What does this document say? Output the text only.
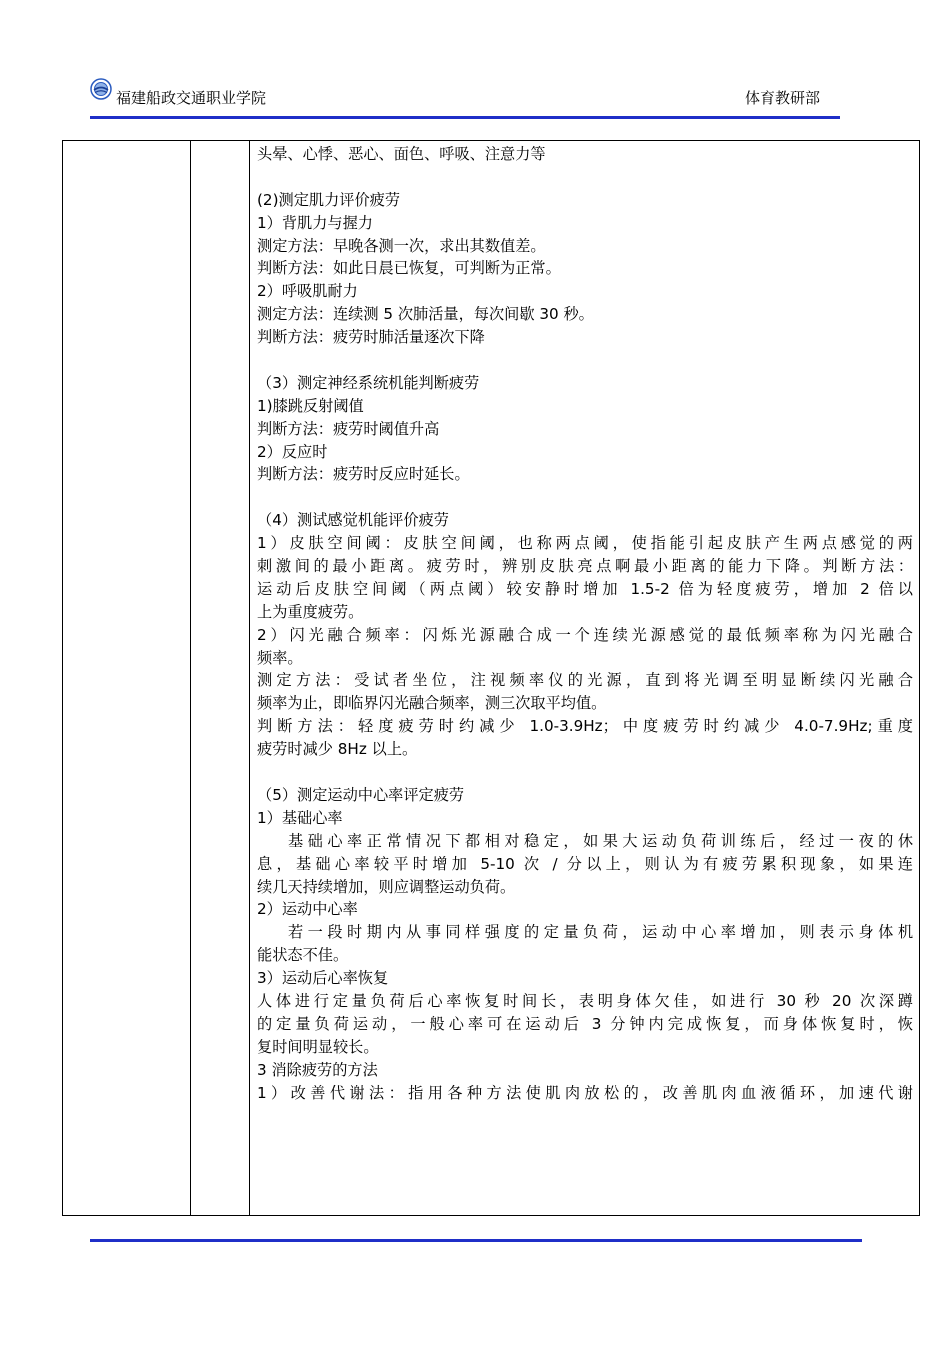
福建船政交通职业学院	体育教研部
头晕、心悸、恶心、面色、呼吸、注意力等
(2)测定肌力评价疲劳
1）背肌力与握力
测定方法：早晚各测一次，求出其数值差。
判断方法：如此日晨已恢复，可判断为正常。
2）呼吸肌耐力
测定方法：连续测 5 次肺活量，每次间歇 30 秒。
判断方法：疲劳时肺活量逐次下降
（3）测定神经系统机能判断疲劳
1)膝跳反射阈值
判断方法：疲劳时阈值升高
2）反应时
判断方法：疲劳时反应时延长。
（4）测试感觉机能评价疲劳
1）皮肤空间阈：皮肤空间阈，也称两点阈，使指能引起皮肤产生两点感觉的两
刺激间的最小距离。疲劳时，辨别皮肤亮点啊最小距离的能力下降。判断方法：
运动后皮肤空间阈（两点阈）较安静时增加 1.5-2 倍为轻度疲劳，增加 2 倍以
上为重度疲劳。
2）闪光融合频率：闪烁光源融合成一个连续光源感觉的最低频率称为闪光融合
频率。
测定方法：受试者坐位，注视频率仪的光源，直到将光调至明显断续闪光融合
频率为止，即临界闪光融合频率，测三次取平均值。
判断方法：轻度疲劳时约减少 1.0-3.9Hz；中度疲劳时约减少 4.0-7.9Hz;重度
疲劳时减少 8Hz 以上。
（5）测定运动中心率评定疲劳
1）基础心率
基础心率正常情况下都相对稳定，如果大运动负荷训练后，经过一夜的休
息，基础心率较平时增加 5-10 次 / 分以上，则认为有疲劳累积现象，如果连
续几天持续增加，则应调整运动负荷。
2）运动中心率
若一段时期内从事同样强度的定量负荷，运动中心率增加，则表示身体机
能状态不佳。
3）运动后心率恢复
人体进行定量负荷后心率恢复时间长，表明身体欠佳，如进行 30 秒 20 次深蹲
的定量负荷运动，一般心率可在运动后 3 分钟内完成恢复，而身体恢复时，恢
复时间明显较长。
3 消除疲劳的方法
1）改善代谢法：指用各种方法使肌肉放松的，改善肌肉血液循环，加速代谢
